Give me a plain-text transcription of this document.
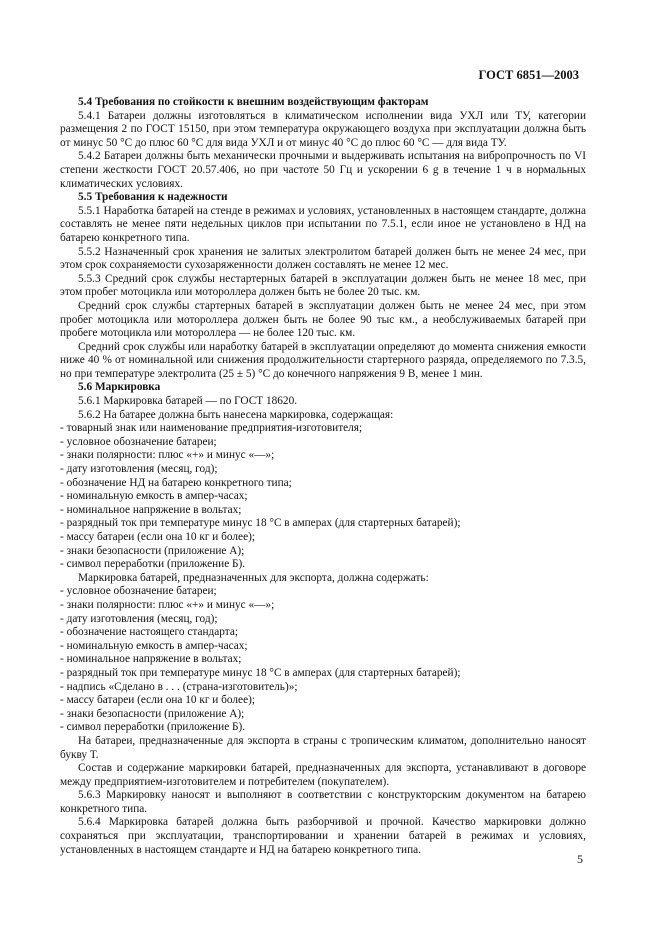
ГОСТ 6851—2003

5.4 Требования по стойкости к внешним воздействующим факторам

5.4.1 Батареи должны изготовляться в климатическом исполнении вида УХЛ или ТУ, категории размещения 2 по ГОСТ 15150, при этом температура окружающего воздуха при эксплуатации должна быть от минус 50 °С до плюс 60 °С для вида УХЛ и от минус 40 °С до плюс 60 °С — для вида ТУ.

5.4.2 Батареи должны быть механически прочными и выдерживать испытания на вибропрочность по VI степени жесткости ГОСТ 20.57.406, но при частоте 50 Гц и ускорении 6 g в течение 1 ч в нормальных климатических условиях.

5.5 Требования к надежности

5.5.1 Наработка батарей на стенде в режимах и условиях, установленных в настоящем стандарте, должна составлять не менее пяти недельных циклов при испытании по 7.5.1, если иное не установлено в НД на батарею конкретного типа.

5.5.2 Назначенный срок хранения не залитых электролитом батарей должен быть не менее 24 мес, при этом срок сохраняемости сухозаряженности должен составлять не менее 12 мес.

5.5.3 Средний срок службы нестартерных батарей в эксплуатации должен быть не менее 18 мес, при этом пробег мотоцикла или мотороллера должен быть не более 20 тыс. км.

Средний срок службы стартерных батарей в эксплуатации должен быть не менее 24 мес, при этом пробег мотоцикла или мотороллера должен быть не более 90 тыс км., а необслуживаемых батарей при пробеге мотоцикла или мотороллера — не более 120 тыс. км.

Средний срок службы или наработку батарей в эксплуатации определяют до момента снижения емкости ниже 40 % от номинальной или снижения продолжительности стартерного разряда, определяемого по 7.3.5, но при температуре электролита (25 ± 5) °С до конечного напряжения 9 В, менее 1 мин.

5.6 Маркировка

5.6.1 Маркировка батарей — по ГОСТ 18620.

5.6.2 На батарее должна быть нанесена маркировка, содержащая:

- товарный знак или наименование предприятия-изготовителя;
- условное обозначение батареи;
- знаки полярности: плюс «+» и минус «—»;
- дату изготовления (месяц, год);
- обозначение НД на батарею конкретного типа;
- номинальную емкость в ампер-часах;
- номинальное напряжение в вольтах;
- разрядный ток при температуре минус 18 °С в амперах (для стартерных батарей);
- массу батареи (если она 10 кг и более);
- знаки безопасности (приложение А);
- символ переработки (приложение Б).

Маркировка батарей, предназначенных для экспорта, должна содержать:

- условное обозначение батареи;
- знаки полярности: плюс «+» и минус «—»;
- дату изготовления (месяц, год);
- обозначение настоящего стандарта;
- номинальную емкость в ампер-часах;
- номинальное напряжение в вольтах;
- разрядный ток при температуре минус 18 °С в амперах (для стартерных батарей);
- надпись «Сделано в . . . (страна-изготовитель)»;
- массу батареи (если она 10 кг и более);
- знаки безопасности (приложение А);
- символ переработки (приложение Б).

На батареи, предназначенные для экспорта в страны с тропическим климатом, дополнительно наносят букву Т.

Состав и содержание маркировки батарей, предназначенных для экспорта, устанавливают в договоре между предприятием-изготовителем и потребителем (покупателем).

5.6.3 Маркировку наносят и выполняют в соответствии с конструкторским документом на батарею конкретного типа.

5.6.4 Маркировка батарей должна быть разборчивой и прочной. Качество маркировки должно сохраняться при эксплуатации, транспортировании и хранении батарей в режимах и условиях, установленных в настоящем стандарте и НД на батарею конкретного типа.

5
